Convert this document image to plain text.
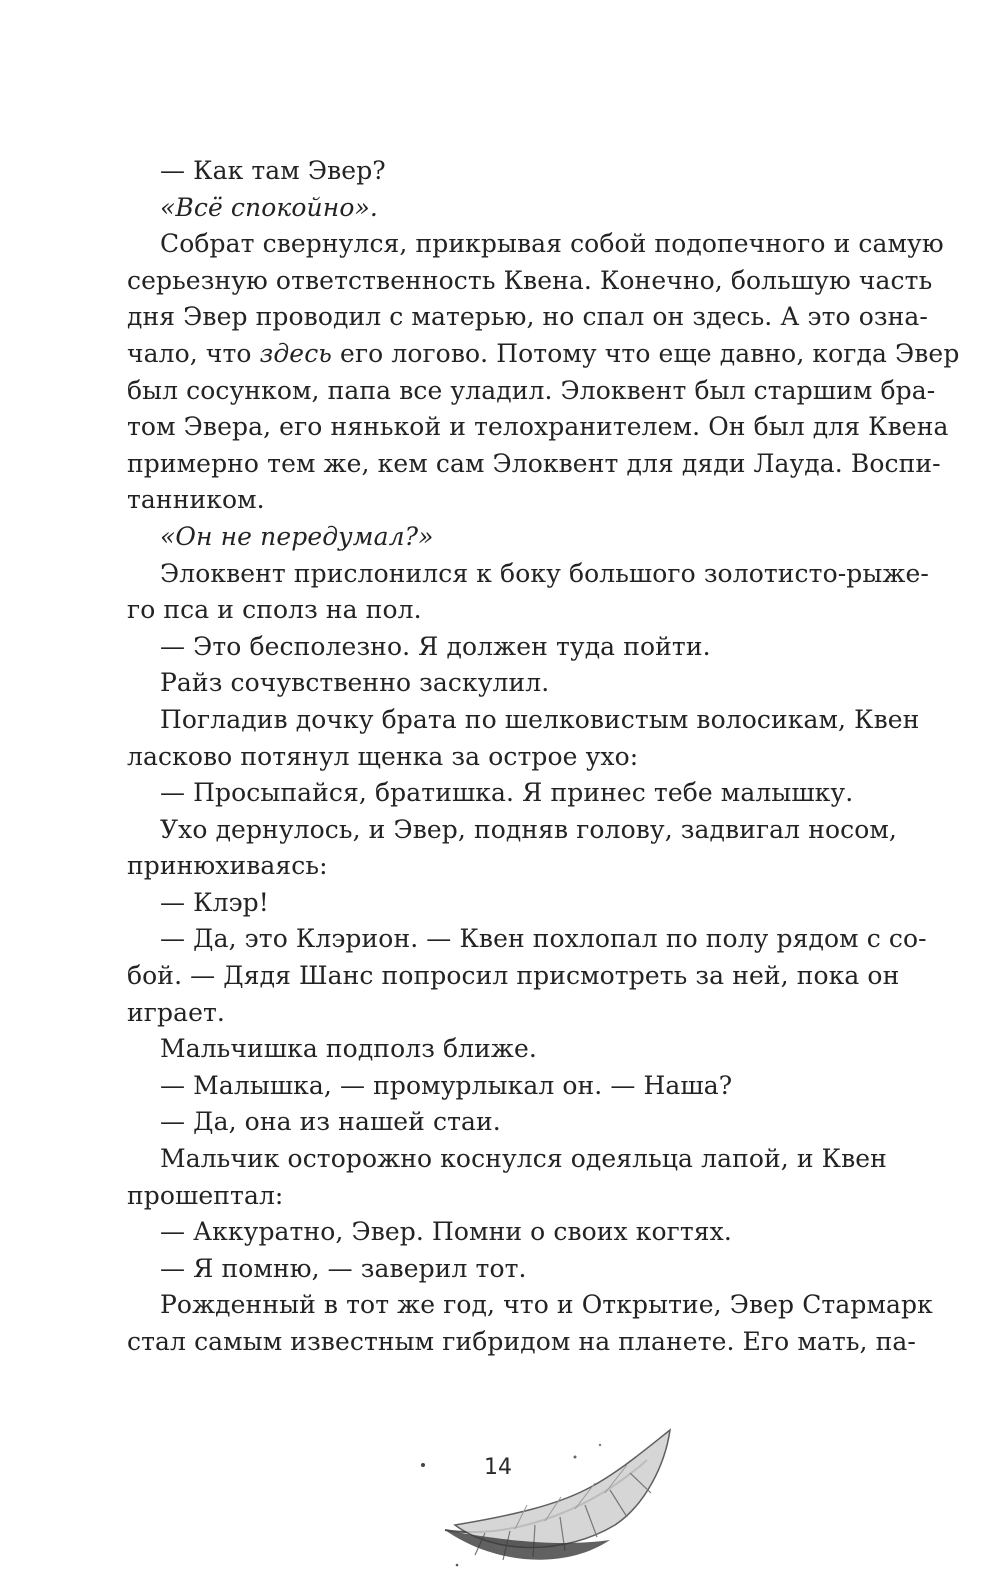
— Как там Эвер?
«Всё спокойно».
Собрат свернулся, прикрывая собой подопечного и самую
серьезную ответственность Квена. Конечно, большую часть
дня Эвер проводил с матерью, но спал он здесь. А это озна-
чало, что здесь его логово. Потому что еще давно, когда Эвер
был сосунком, папа все уладил. Элоквент был старшим бра-
том Эвера, его нянькой и телохранителем. Он был для Квена
примерно тем же, кем сам Элоквент для дяди Лауда. Воспи-
танником.
«Он не передумал?»
Элоквент прислонился к боку большого золотисто-рыже-
го пса и сполз на пол.
— Это бесполезно. Я должен туда пойти.
Райз сочувственно заскулил.
Погладив дочку брата по шелковистым волосикам, Квен
ласково потянул щенка за острое ухо:
— Просыпайся, братишка. Я принес тебе малышку.
Ухо дернулось, и Эвер, подняв голову, задвигал носом,
принюхиваясь:
— Клэр!
— Да, это Клэрион. — Квен похлопал по полу рядом с со-
бой. — Дядя Шанс попросил присмотреть за ней, пока он
играет.
Мальчишка подполз ближе.
— Малышка, — промурлыкал он. — Наша?
— Да, она из нашей стаи.
Мальчик осторожно коснулся одеяльца лапой, и Квен
прошептал:
— Аккуратно, Эвер. Помни о своих когтях.
— Я помню, — заверил тот.
Рожденный в тот же год, что и Открытие, Эвер Стармарк
стал самым известным гибридом на планете. Его мать, па-
14
